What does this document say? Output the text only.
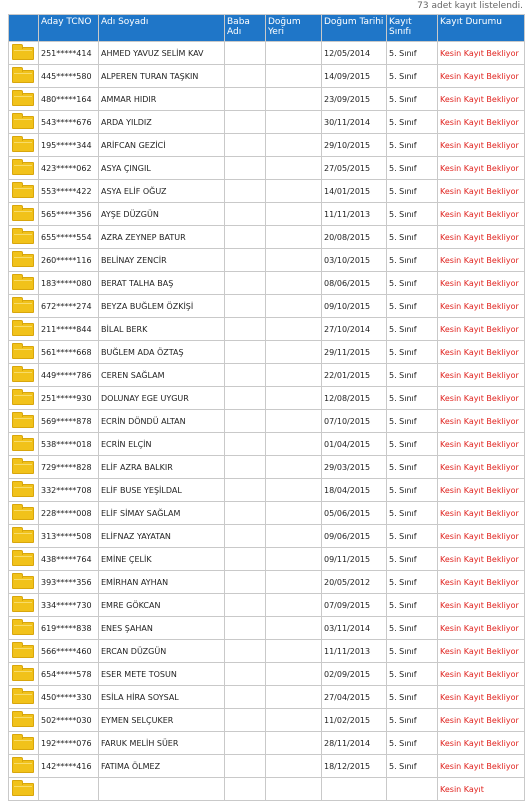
73 adet kayıt listelendi.
	Aday TCNO	Adı Soyadı	Baba Adı	Doğum Yeri	Doğum Tarihi	Kayıt Sınıfı	Kayıt Durumu

	251*****414	AHMED YAVUZ SELİM KAV			12/05/2014	5. Sınıf	Kesin Kayıt Bekliyor

	445*****580	ALPEREN TURAN TAŞKIN			14/09/2015	5. Sınıf	Kesin Kayıt Bekliyor

	480*****164	AMMAR HIDIR			23/09/2015	5. Sınıf	Kesin Kayıt Bekliyor

	543*****676	ARDA YILDIZ			30/11/2014	5. Sınıf	Kesin Kayıt Bekliyor

	195*****344	ARİFCAN GEZİCİ			29/10/2015	5. Sınıf	Kesin Kayıt Bekliyor

	423*****062	ASYA ÇINGIL			27/05/2015	5. Sınıf	Kesin Kayıt Bekliyor

	553*****422	ASYA ELİF OĞUZ			14/01/2015	5. Sınıf	Kesin Kayıt Bekliyor

	565*****356	AYŞE DÜZGÜN			11/11/2013	5. Sınıf	Kesin Kayıt Bekliyor

	655*****554	AZRA ZEYNEP BATUR			20/08/2015	5. Sınıf	Kesin Kayıt Bekliyor

	260*****116	BELİNAY ZENCİR			03/10/2015	5. Sınıf	Kesin Kayıt Bekliyor

	183*****080	BERAT TALHA BAŞ			08/06/2015	5. Sınıf	Kesin Kayıt Bekliyor

	672*****274	BEYZA BUĞLEM ÖZKİŞİ			09/10/2015	5. Sınıf	Kesin Kayıt Bekliyor

	211*****844	BİLAL BERK			27/10/2014	5. Sınıf	Kesin Kayıt Bekliyor

	561*****668	BUĞLEM ADA ÖZTAŞ			29/11/2015	5. Sınıf	Kesin Kayıt Bekliyor

	449*****786	CEREN SAĞLAM			22/01/2015	5. Sınıf	Kesin Kayıt Bekliyor

	251*****930	DOLUNAY EGE UYGUR			12/08/2015	5. Sınıf	Kesin Kayıt Bekliyor

	569*****878	ECRİN DÖNDÜ ALTAN			07/10/2015	5. Sınıf	Kesin Kayıt Bekliyor

	538*****018	ECRİN ELÇİN			01/04/2015	5. Sınıf	Kesin Kayıt Bekliyor

	729*****828	ELİF AZRA BALKIR			29/03/2015	5. Sınıf	Kesin Kayıt Bekliyor

	332*****708	ELİF BUSE YEŞİLDAL			18/04/2015	5. Sınıf	Kesin Kayıt Bekliyor

	228*****008	ELİF SİMAY SAĞLAM			05/06/2015	5. Sınıf	Kesin Kayıt Bekliyor

	313*****508	ELİFNAZ YAYATAN			09/06/2015	5. Sınıf	Kesin Kayıt Bekliyor

	438*****764	EMİNE ÇELİK			09/11/2015	5. Sınıf	Kesin Kayıt Bekliyor

	393*****356	EMİRHAN AYHAN			20/05/2012	5. Sınıf	Kesin Kayıt Bekliyor

	334*****730	EMRE GÖKCAN			07/09/2015	5. Sınıf	Kesin Kayıt Bekliyor

	619*****838	ENES ŞAHAN			03/11/2014	5. Sınıf	Kesin Kayıt Bekliyor

	566*****460	ERCAN DÜZGÜN			11/11/2013	5. Sınıf	Kesin Kayıt Bekliyor

	654*****578	ESER METE TOSUN			02/09/2015	5. Sınıf	Kesin Kayıt Bekliyor

	450*****330	ESİLA HİRA SOYSAL			27/04/2015	5. Sınıf	Kesin Kayıt Bekliyor

	502*****030	EYMEN SELÇUKER			11/02/2015	5. Sınıf	Kesin Kayıt Bekliyor

	192*****076	FARUK MELİH SÜER			28/11/2014	5. Sınıf	Kesin Kayıt Bekliyor

	142*****416	FATIMA ÖLMEZ			18/12/2015	5. Sınıf	Kesin Kayıt Bekliyor

							Kesin Kayıt
